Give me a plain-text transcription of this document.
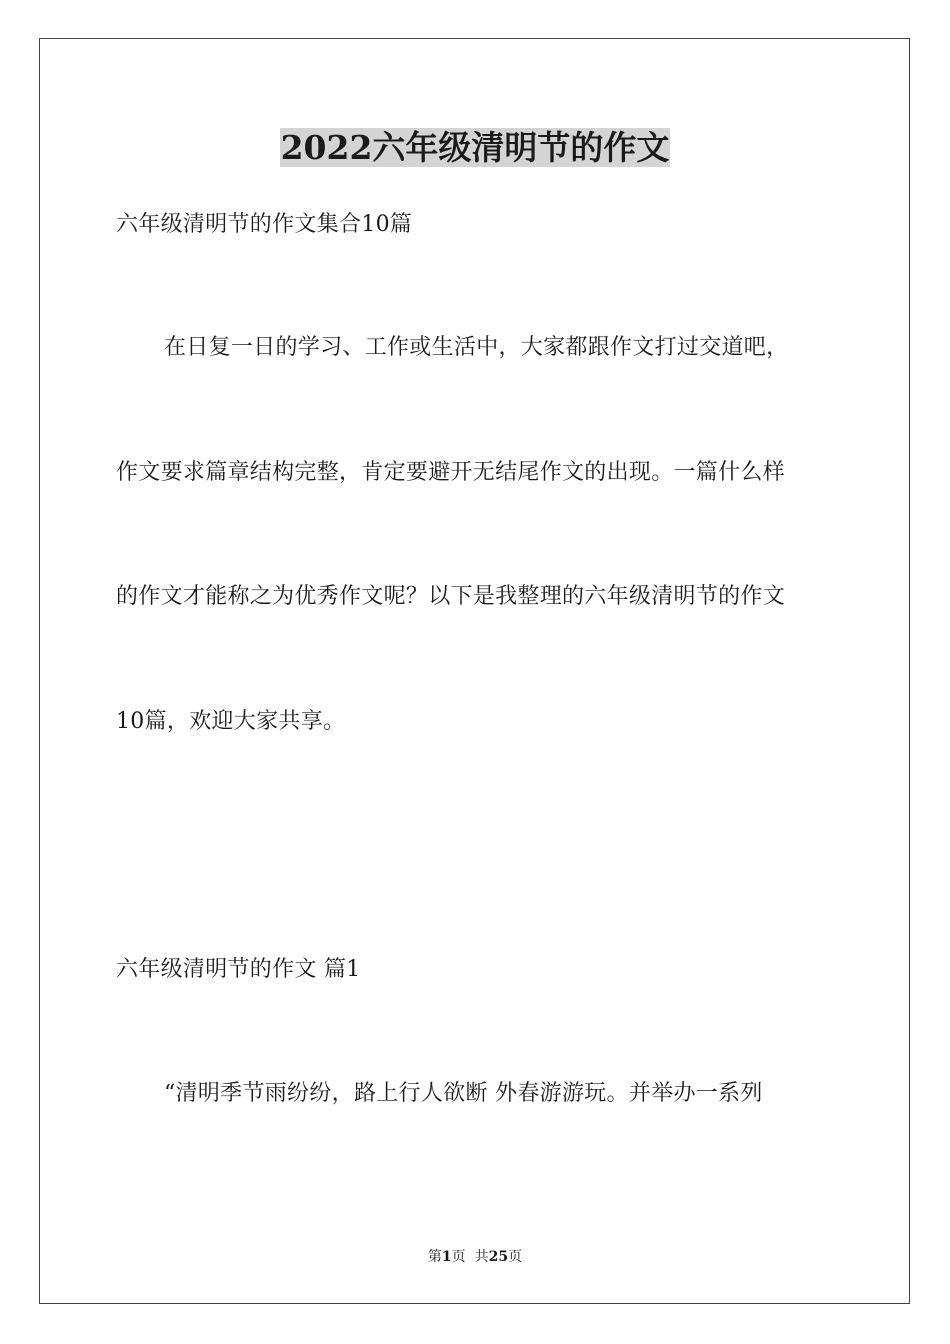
2022六年级清明节的作文
六年级清明节的作文集合10篇
在日复一日的学习、工作或生活中，大家都跟作文打过交道吧，
作文要求篇章结构完整，肯定要避开无结尾作文的出现。一篇什么样
的作文才能称之为优秀作文呢？以下是我整理的六年级清明节的作文
10篇，欢迎大家共享。
六年级清明节的作文 篇1
“清明季节雨纷纷，路上行人欲断 外春游游玩。并举办一系列
第1页  共25页
